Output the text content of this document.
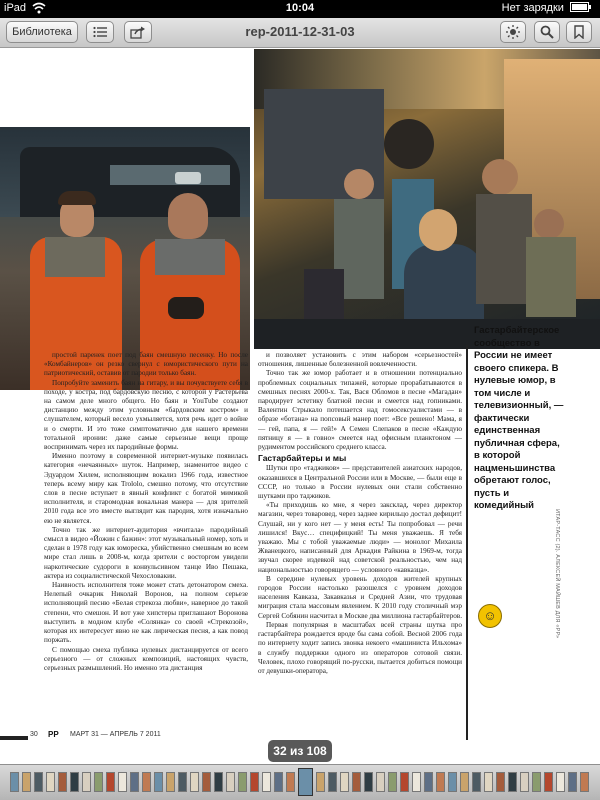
iPad	10:04	Нет зарядки
Библиотека	rep-2011-12-31-03

простой паренек поет под баян смешную песенку. Но после «Комбайнеров» он резко свернул с юмористического пути на патриотический, оставив от пародии только баян.

Попробуйте заменить баян на гитару, и вы почувствуете себя в походе, у костра, под бардовскую песню, с которой у Растерьева на самом деле много общего. Но баян и YouTube создают дистанцию между этим условным «бардовским костром» и слушателем, который весело ухмыляется, хотя речь идет о войне и о смерти. И это тоже симптоматично для нашего времени тотальной иронии: даже самые серьезные вещи проще воспринимать через их пародийные формы.

Именно поэтому в современной интернет-музыке появилась категория «нечаянных» шуток. Например, знаменитое видео с Эдуардом Хилем, исполняющим вокализ 1966 года, известное теперь всему миру как Trololo, смешно потому, что отсутствие слов в песне вступает в явный конфликт с богатой мимикой исполнителя, и старомодная вокальная манера — для зрителей 2010 года все это вместе выглядит как пародия, хотя изначально ею не является.

Точно так же интернет-аудитория «вчитала» пародийный смысл в видео «Йожин с бажин»: этот музыкальный номер, хоть и сделан в 1978 году как юмореска, убийственно смешным во всем мире стал лишь в 2008-м, когда зрители с восторгом увидели наркотические судороги в конвульсивном танце Иво Пешака, актера из социалистической Чехословакии.

Наивность исполнителя тоже может стать детонатором смеха. Нелепый очкарик Николай Воронов, на полном серьезе исполняющий песню «Белая стрекоза любви», наверное до такой степени, что смешон. И вот уже хипстеры приглашают Воронова выступить в модном клубе «Солянка» со своей «Стрекозой», которая их интересует явно не как лирическая песня, а как повод поржать.

С помощью смеха публика нулевых дистанцируется от всего серьезного — от сложных композиций, настоящих чувств, серьезных размышлений. Но именно эта дистанция

и позволяет установить с этим набором «серьезностей» отношения, лишенные болезненной вовлеченности.

Точно так же юмор работает и в отношении потенциально проблемных социальных типажей, которые прорабатываются в смешных песнях 2000-х. Так, Вася Обломов в песне «Магадан» пародирует эстетику блатной песни и смеется над гопниками. Валентин Стрыкало потешается над гомосексуалистами — в образе «ботана» на попсовый манер поет: «Все решено! Мама, я — гей, папа, я — гей!» А Семен Слепаков в песне «Каждую пятницу я — в говно» смеется над офисным планктоном — рудиментом российского среднего класса.

Гастарбайтеры и мы

Шутки про «таджиков» — представителей азиатских народов, оказавшихся в Центральной России или в Москве, — были еще в СССР, но только в России нулевых они стали собственно шутками про таджиков.

«Ты приходишь ко мне, я через заксклад, через директор магазин, через товаровед, через заднее кирильцо достал дефицит! Слушай, ни у кого нет — у меня есть! Ты попробовал — речи лишился! Вкус… специфицкий! Ты меня уважаешь. Я тебя уважаю. Мы с тобой уважаемые люди» — монолог Михаила Жванецкого, написанный для Аркадия Райкина в 1969-м, тогда звучал скорее издевкой над советской реальностью, чем над национальностью говорящего — условного «кавказца».

В середине нулевых уровень доходов жителей крупных городов России настолько разошелся с уровнем доходов населения Кавказа, Закавказья и Средней Азии, что трудовая миграция стала массовым явлением. К 2010 году столичный мэр Сергей Собянин насчитал в Москве два миллиона гастарбайтеров.

Первая популярная в масштабах всей страны шутка про гастарбайтера рождается вроде бы сама собой. Весной 2006 года по интернету ходит запись звонка некоего «машиниста Ильхома» в службу поддержки одного из операторов сотовой связи. Человек, плохо говорящий по-русски, пытается добиться помощи от девушки-оператора,

Гастарбайтерское сообщество в России не имеет своего спикера. В нулевые юмор, в том числе и телевизионный, — фактически единственная публичная сфера, в которой нацменьшинства обретают голос, пусть и комедийный
☺	ИТАР-ТАСС (2). АЛЕКСЕЙ МАЙШЕВ ДЛЯ «РР»
30 РР МАРТ 31 — АПРЕЛЬ 7 2011
32 из 108
